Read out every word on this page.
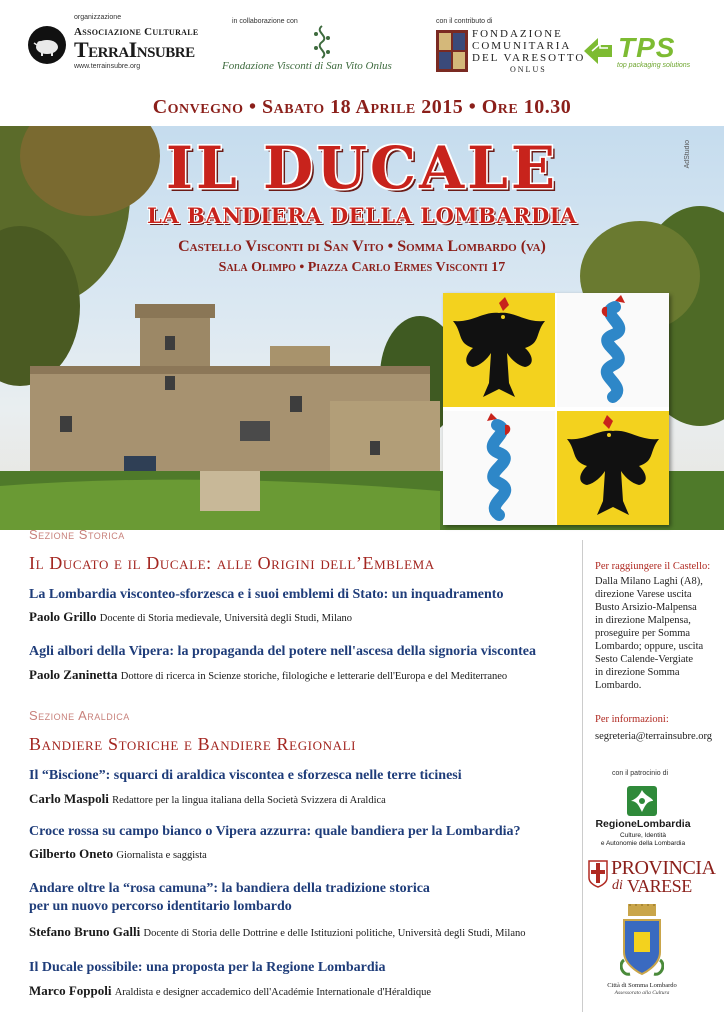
organizzazione
Associazione Culturale
TerraInsubre
www.terrainsubre.org
in collaborazione con
Fondazione Visconti di San Vito Onlus
con il contributo di
FONDAZIONE
COMUNITARIA
DEL VARESOTTO
ONLUS
TPS
top packaging solutions
Convegno • Sabato 18 Aprile 2015 • Ore 10.30
AdStudio
IL DUCALE
LA BANDIERA DELLA LOMBARDIA
Castello Visconti di San Vito • Somma Lombardo (va)
Sala Olimpo • Piazza Carlo Ermes Visconti 17
Sezione Storica
Il Ducato e il Ducale: alle Origini dell’Emblema
La Lombardia visconteo-sforzesca e i suoi emblemi di Stato: un inquadramento
Paolo Grillo Docente di Storia medievale, Università degli Studi, Milano
Agli albori della Vipera: la propaganda del potere nell'ascesa della signoria viscontea
Paolo Zaninetta Dottore di ricerca in Scienze storiche, filologiche e letterarie dell'Europa e del Mediterraneo
Sezione Araldica
Bandiere Storiche e Bandiere Regionali
Il “Biscione”: squarci di araldica viscontea e sforzesca nelle terre ticinesi
Carlo Maspoli Redattore per la lingua italiana della Società Svizzera di Araldica
Croce rossa su campo bianco o Vipera azzurra: quale bandiera per la Lombardia?
Gilberto Oneto Giornalista e saggista
Andare oltre la “rosa camuna”: la bandiera della tradizione storica
per un nuovo percorso identitario lombardo
Stefano Bruno Galli Docente di Storia delle Dottrine e delle Istituzioni politiche, Università degli Studi, Milano
Il Ducale possibile: una proposta per la Regione Lombardia
Marco Foppoli Araldista e designer accademico dell'Académie Internationale d'Héraldique
Per raggiungere il Castello:
Dalla Milano Laghi (A8),
direzione Varese uscita
Busto Arsizio-Malpensa
in direzione Malpensa,
proseguire per Somma
Lombardo; oppure, uscita
Sesto Calende-Vergiate
in direzione Somma
Lombardo.
Per informazioni:
segreteria@terrainsubre.org
con il patrocinio di
RegioneLombardia
Culture, Identità
e Autonomie della Lombardia
PROVINCIA
di VARESE
Città di Somma Lombardo
Assessorato alla Cultura
